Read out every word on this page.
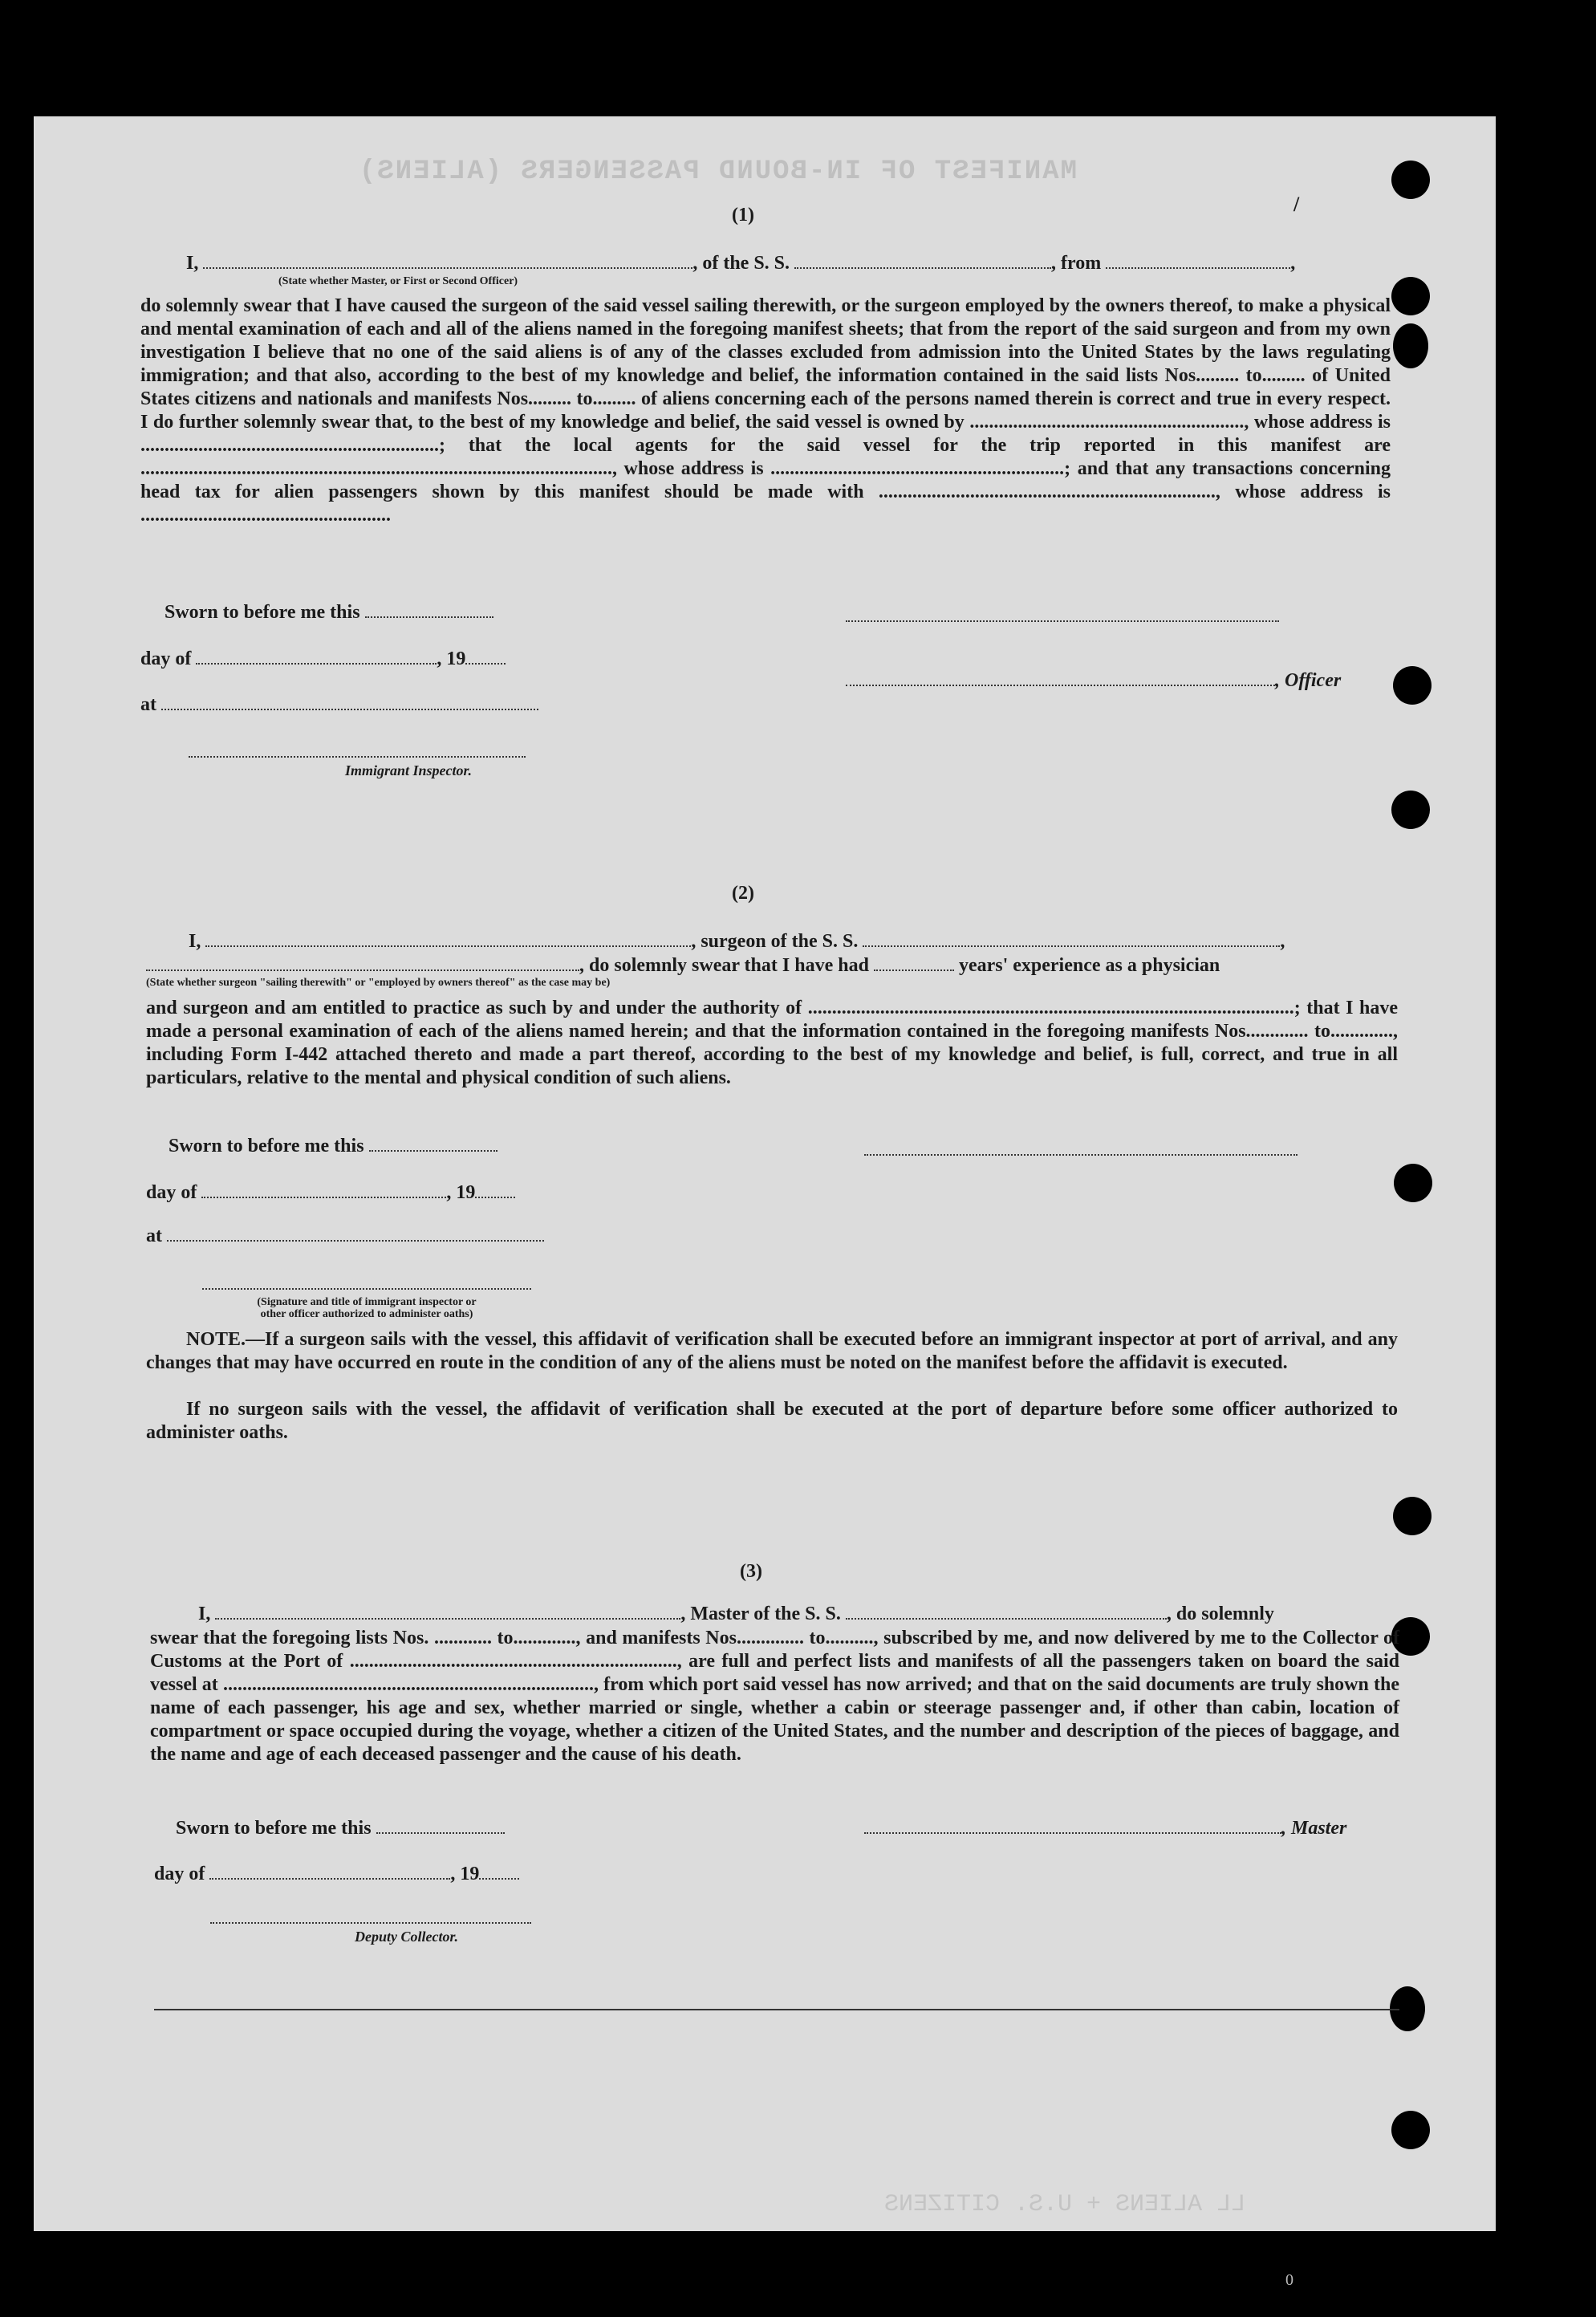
MANIFEST OF IN-BOUND PASSENGERS (ALIENS)
LL ALIENS + U.S. CITIZENS
/
(1)
I,	, of the S. S.	, from	,
(State whether Master, or First or Second Officer)
do solemnly swear that I have caused the surgeon of the said vessel sailing therewith, or the surgeon employed by the owners thereof, to make a physical and mental examination of each and all of the aliens named in the foregoing manifest sheets; that from the report of the said surgeon and from my own investigation I believe that no one of the said aliens is of any of the classes excluded from admission into the United States by the laws regulating immigration; and that also, according to the best of my knowledge and belief, the information contained in the said lists Nos......... to......... of United States citizens and nationals and manifests Nos......... to......... of aliens concerning each of the persons named therein is correct and true in every respect. I do further solemnly swear that, to the best of my knowledge and belief, the said vessel is owned by ........................................................., whose address is ..............................................................; that the local agents for the said vessel for the trip reported in this manifest are .................................................................................................., whose address is .............................................................; and that any transactions concerning head tax for alien passengers shown by this manifest should be made with ......................................................................, whose address is ....................................................
Sworn to before me this
day of	, 19
, Officer
at
Immigrant Inspector.
(2)
I,	, surgeon of the S. S.	,
, do solemnly swear that I have had	years' experience as a physician
(State whether surgeon "sailing therewith" or "employed by owners thereof" as the case may be)
and surgeon and am entitled to practice as such by and under the authority of .....................................................................................................; that I have made a personal examination of each of the aliens named herein; and that the information contained in the foregoing manifests Nos............. to............., including Form I-442 attached thereto and made a part thereof, according to the best of my knowledge and belief, is full, correct, and true in all particulars, relative to the mental and physical condition of such aliens.
Sworn to before me this
day of	, 19
at
(Signature and title of immigrant inspector or
other officer authorized to administer oaths)
NOTE.—If a surgeon sails with the vessel, this affidavit of verification shall be executed before an immigrant inspector at port of arrival, and any changes that may have occurred en route in the condition of any of the aliens must be noted on the manifest before the affidavit is executed.
If no surgeon sails with the vessel, the affidavit of verification shall be executed at the port of departure before some officer authorized to administer oaths.
(3)
I,	, Master of the S. S.	, do solemnly
swear that the foregoing lists Nos. ............ to............., and manifests Nos.............. to.........., subscribed by me, and now delivered by me to the Collector of Customs at the Port of ...................................................................., are full and perfect lists and manifests of all the passengers taken on board the said vessel at ............................................................................., from which port said vessel has now arrived; and that on the said documents are truly shown the name of each passenger, his age and sex, whether married or single, whether a cabin or steerage passenger and, if other than cabin, location of compartment or space occupied during the voyage, whether a citizen of the United States, and the number and description of the pieces of baggage, and the name and age of each deceased passenger and the cause of his death.
Sworn to before me this	, Master
day of	, 19
Deputy Collector.
0
